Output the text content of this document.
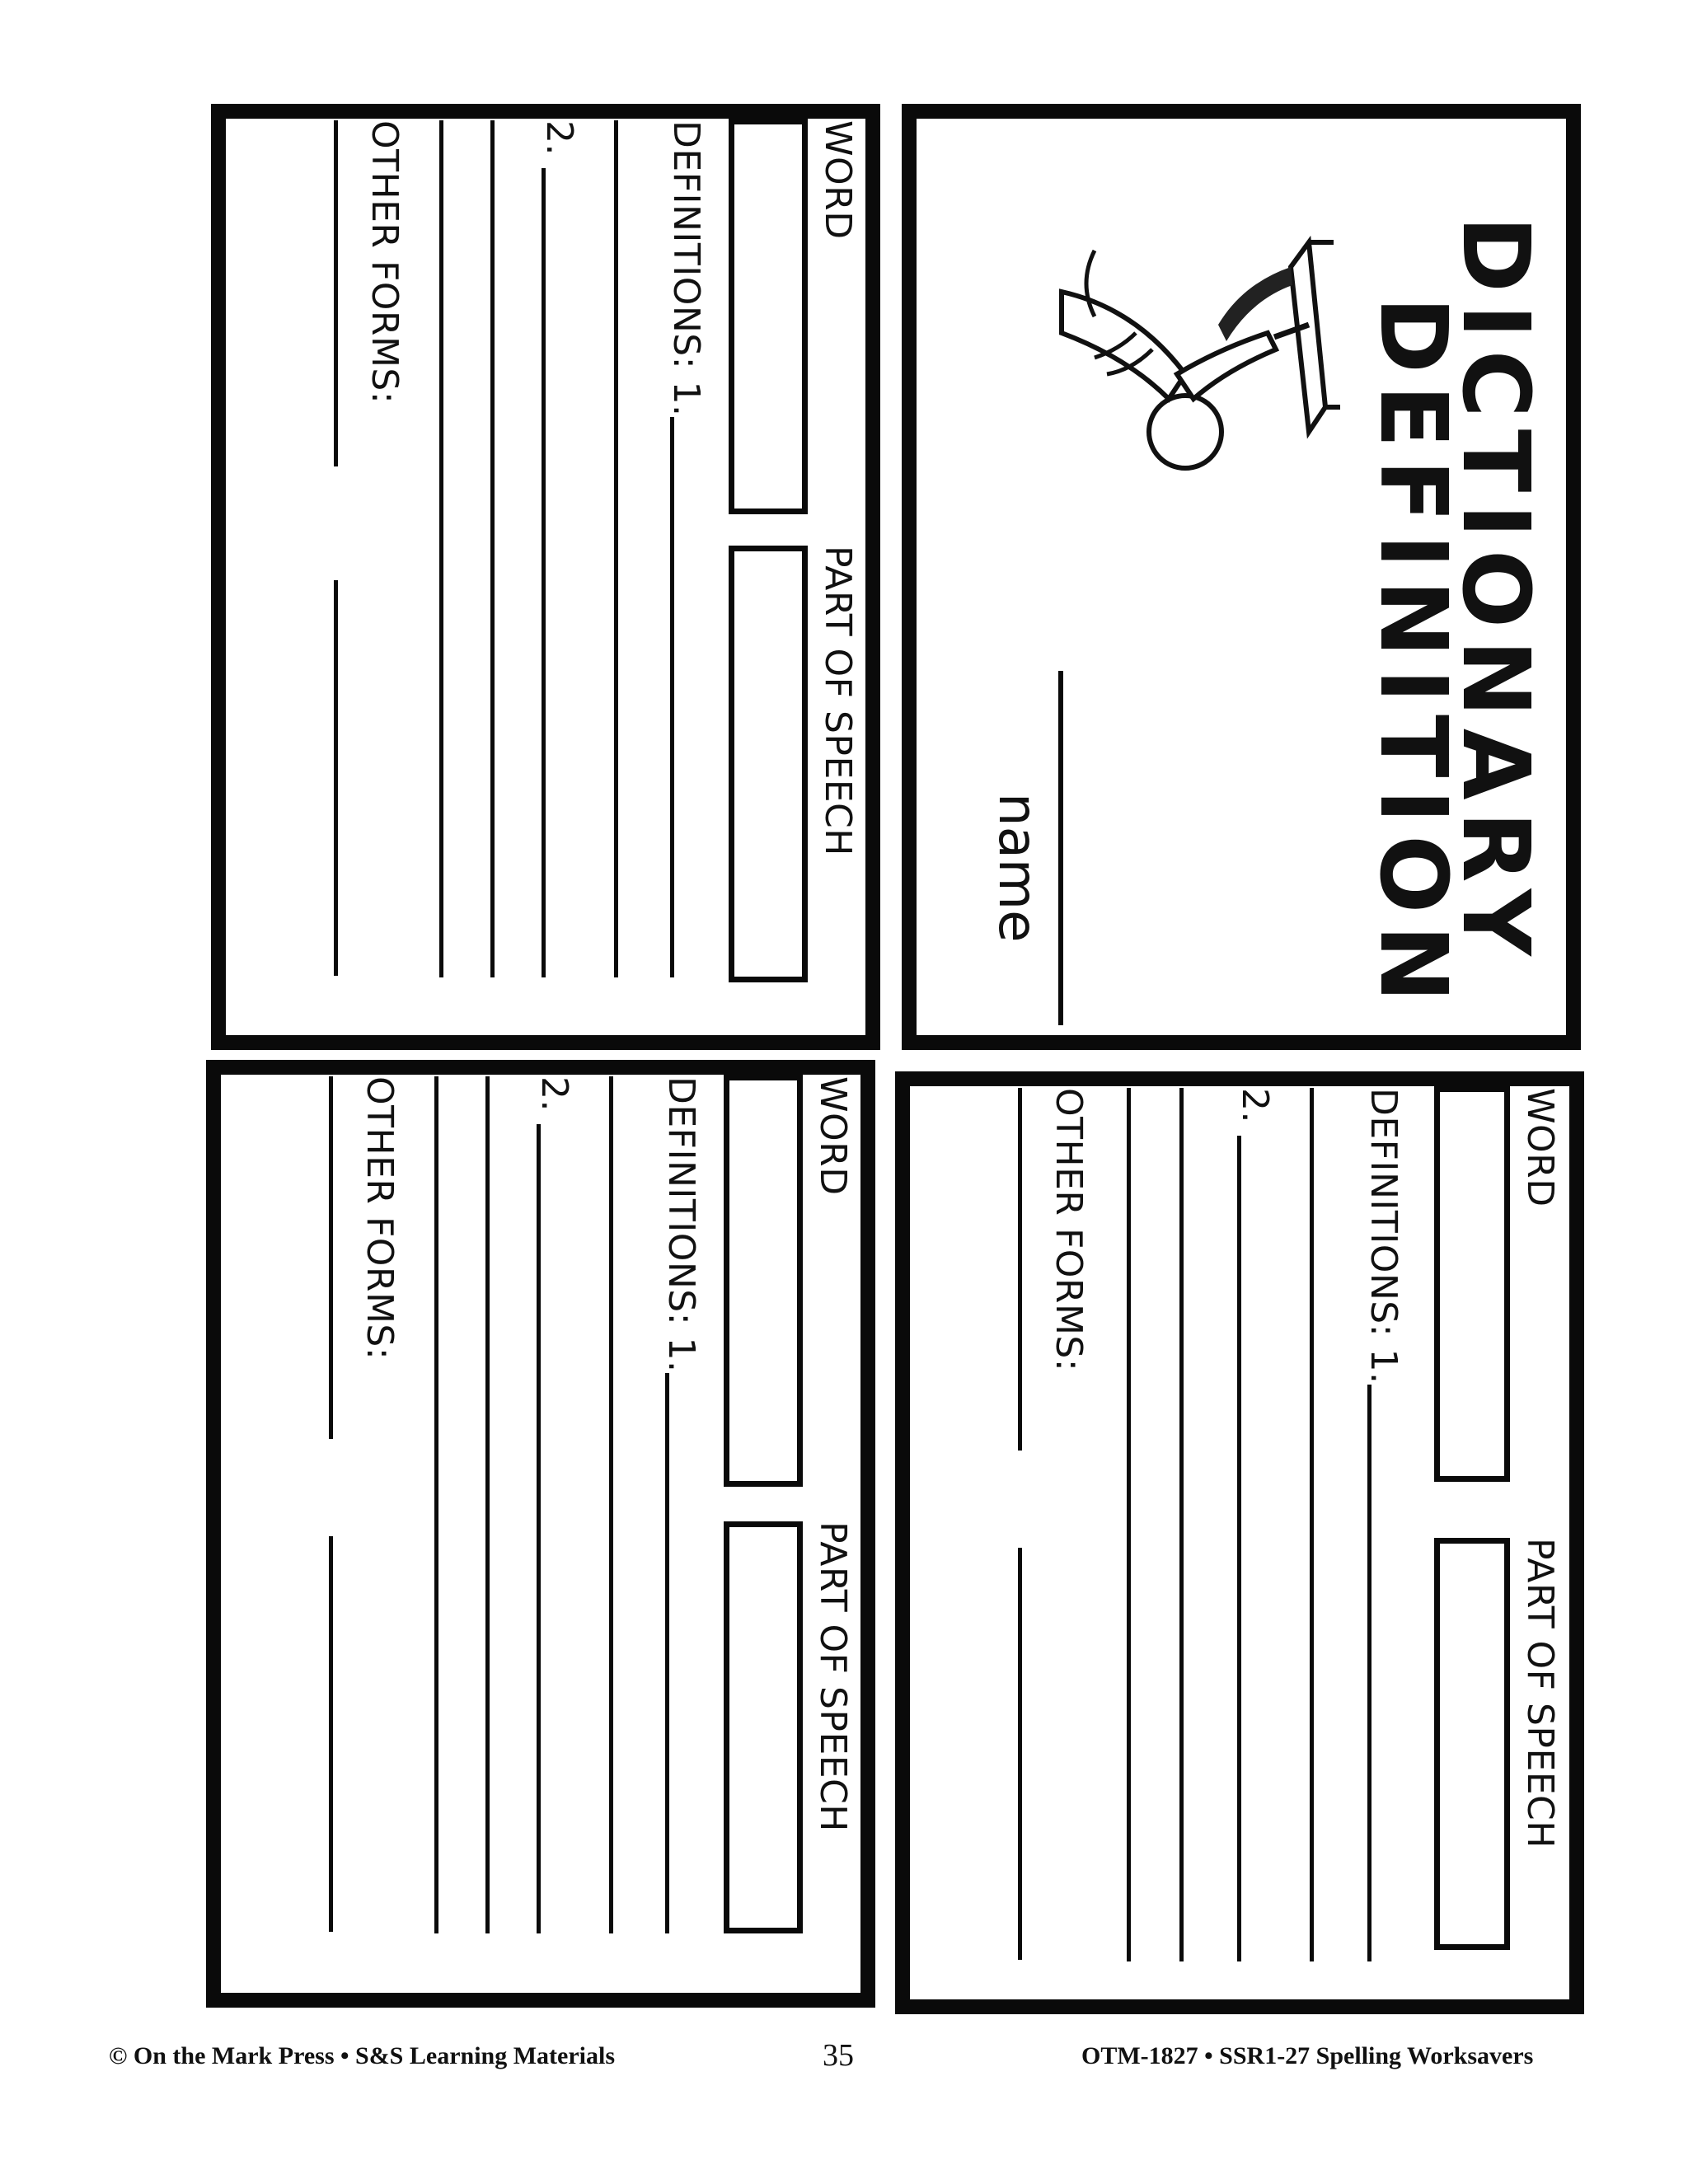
DICTIONARY
DEFINITION
name
WORD
PART OF SPEECH
DEFINITIONS: 1.
2.
OTHER FORMS:
WORD
PART OF SPEECH
DEFINITIONS: 1.
2.
OTHER FORMS:	WORD
PART OF SPEECH
DEFINITIONS: 1.
2.
OTHER FORMS:
© On the Mark Press • S&S Learning Materials	35	OTM-1827 • SSR1-27 Spelling Worksavers
